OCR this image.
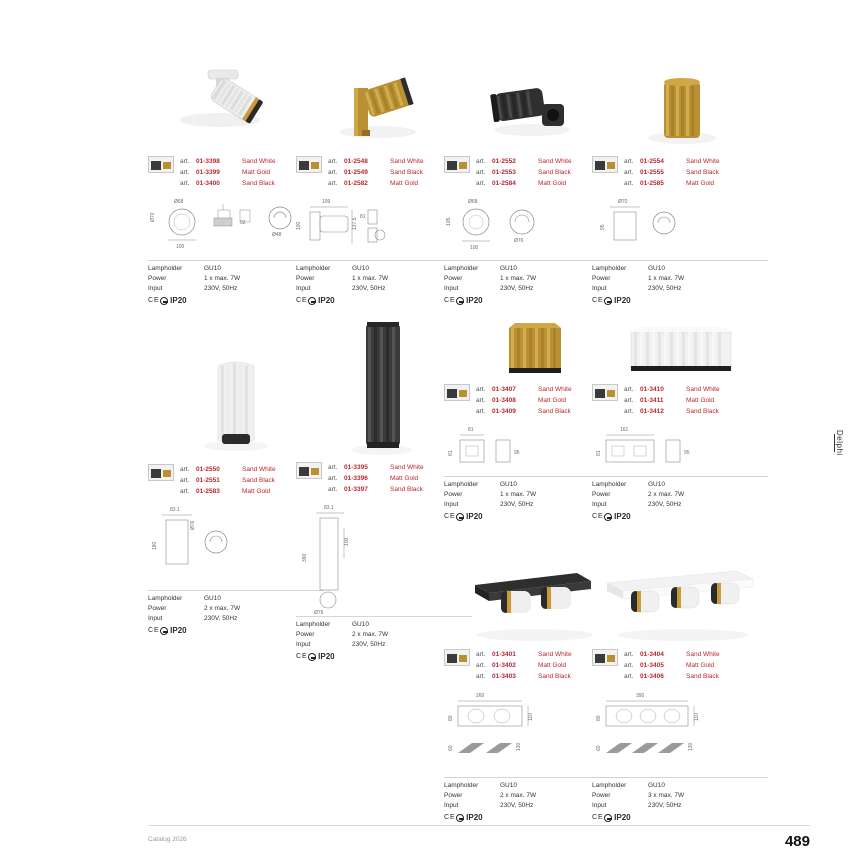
art.	01-3398	Sand White
art.	01-3399	Matt Gold
art.	01-3400	Sand Black
Ø68
100
Ø70
92
Ø48
Lampholder	GU10
Power	1 x max. 7W
Input	230V, 50Hz
C E IP20
art.	01-2548	Sand White
art.	01-2549	Sand Black
art.	01-2582	Matt Gold
109
100	137.5
81
Lampholder	GU10
Power	1 x max. 7W
Input	230V, 50Hz
C E IP20
art.	01-2552	Sand White
art.	01-2553	Sand Black
art.	01-2584	Matt Gold
Ø68
100
105
Ø76
Lampholder	GU10
Power	1 x max. 7W
Input	230V, 50Hz
C E IP20
art.	01-2554	Sand White
art.	01-2555	Sand Black
art.	01-2585	Matt Gold
Ø70
95
Lampholder	GU10
Power	1 x max. 7W
Input	230V, 50Hz
C E IP20
art.	01-2550	Sand White
art.	01-2551	Sand Black
art.	01-2583	Matt Gold
83.1
180
Ø76
Lampholder	GU10
Power	2 x max. 7W
Input	230V, 50Hz
C E IP20
art.	01-3395	Sand White
art.	01-3396	Matt Gold
art.	01-3397	Sand Black
83.1
390
100
Ø76
Lampholder	GU10
Power	2 x max. 7W
Input	230V, 50Hz
C E IP20
art.	01-3407	Sand White
art.	01-3408	Matt Gold
art.	01-3409	Sand Black
81
81	95
Lampholder	GU10
Power	1 x max. 7W
Input	230V, 50Hz
C E IP20
art.	01-3410	Sand White
art.	01-3411	Matt Gold
art.	01-3412	Sand Black
161
81	95
Lampholder	GU10
Power	2 x max. 7W
Input	230V, 50Hz
C E IP20
art.	01-3401	Sand White
art.	01-3402	Matt Gold
art.	01-3403	Sand Black
260
80	110
60	130
Lampholder	GU10
Power	2 x max. 7W
Input	230V, 50Hz
C E IP20
art.	01-3404	Sand White
art.	01-3405	Matt Gold
art.	01-3406	Sand Black
390
80	110
60	130
Lampholder	GU10
Power	3 x max. 7W
Input	230V, 50Hz
C E IP20
Delphi
Catalog 2026	489
